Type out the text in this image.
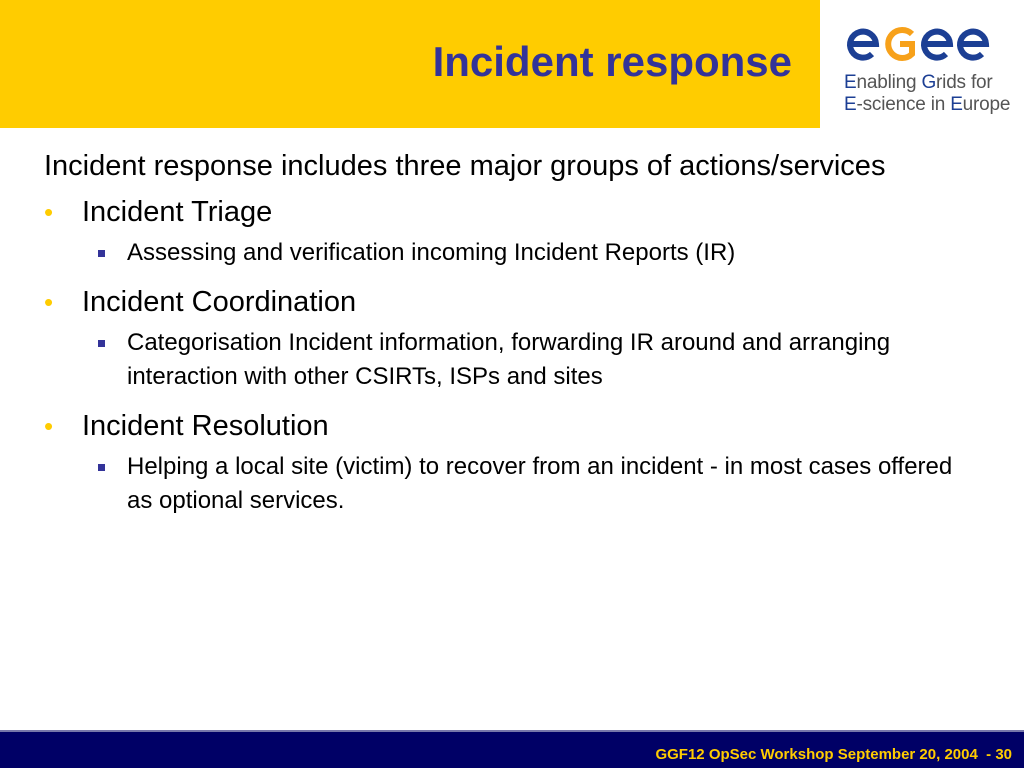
Incident response	Enabling Grids for
E-science in Europe

Incident response includes three major groups of actions/services

• Incident Triage
Assessing and verification incoming Incident Reports (IR)
• Incident Coordination
Categorisation Incident information, forwarding IR around and arranging interaction with other CSIRTs, ISPs and sites
• Incident Resolution
Helping a local site (victim) to recover from an incident - in most cases offered as optional services.
GGF12 OpSec Workshop September 20, 2004  - 30
